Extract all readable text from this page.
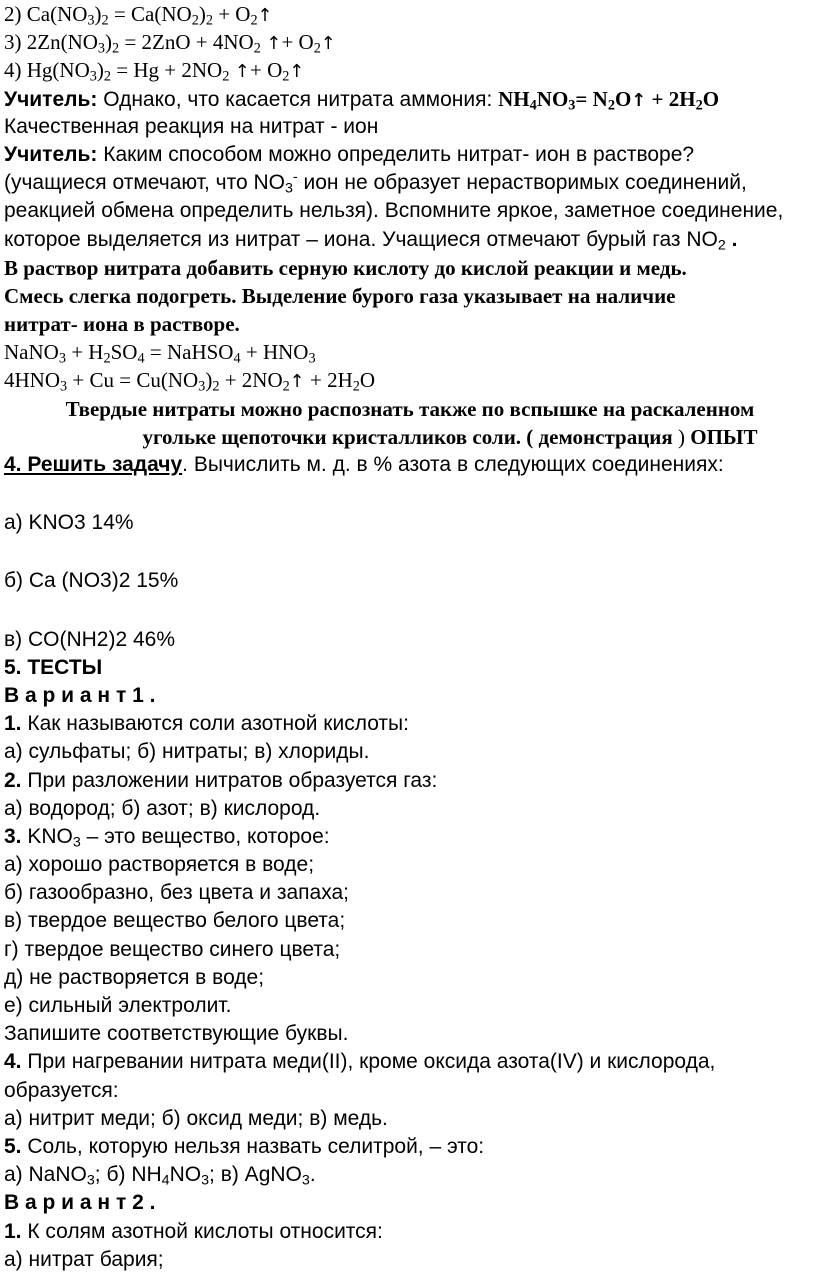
2) $Ca(NO_3)_2 = Ca(NO_2)_2$ + $O_2↑$
3) $2Zn(NO_3)_2 = 2ZnO + 4NO_2$ ↑+ $O_2↑$
4) $Hg(NO_3)_2 = Hg + 2NO_2$ ↑+ $O_2↑$
Учитель: Однако, что касается нитрата аммония: $NH_4NO_3=$ $N_2O↑ + 2H_2O$
Качественная реакция на нитрат - ион
Учитель: Каким способом можно определить нитрат- ион в растворе?
(учащиеся отмечают, что $NO_3^-$ ион не образует нерастворимых соединений,
реакцией обмена определить нельзя). Вспомните яркое, заметное соединение,
которое выделяется из нитрат – иона. Учащиеся отмечают бурый газ $NO_2$ .
В раствор нитрата добавить серную кислоту до кислой реакции и медь.
Смесь слегка подогреть. Выделение бурого газа указывает на наличие
нитрат- иона в растворе.
NaNO$_3$ + $H_2SO_4$ = NaHSO$_4$ + $HNO_3$
$4HNO_3 + Cu = Cu(NO_3)_2$ + $2NO_2↑ + 2H_2O$
Твердые нитраты можно распознать также по вспышке на раскаленном
угольке щепоточки кристалликов соли. ( демонстрация ) ОПЫТ
4. Решить задачу. Вычислить м. д. в % азота в следующих соединениях:
а) KNO3 14%
б) Ca (NO3)2 15%
в) CO(NH2)2 46%
5. ТЕСТЫ
В а р и а н т 1 .
1. Как называются соли азотной кислоты:
а) сульфаты; б) нитраты; в) хлориды.
2. При разложении нитратов образуется газ:
а) водород; б) азот; в) кислород.
3. $KNO_3$ – это вещество, которое:
а) хорошо растворяется в воде;
б) газообразно, без цвета и запаха;
в) твердое вещество белого цвета;
г) твердое вещество синего цвета;
д) не растворяется в воде;
е) сильный электролит.
Запишите соответствующие буквы.
4. При нагревании нитрата меди(II), кроме оксида азота(IV) и кислорода,
образуется:
а) нитрит меди; б) оксид меди; в) медь.
5. Соль, которую нельзя назвать селитрой, – это:
а) NaNO$_3$; б) $NH_4NO_3$; в) AgNO$_3$.
В а р и а н т 2 .
1. К солям азотной кислоты относится:
а) нитрат бария;
